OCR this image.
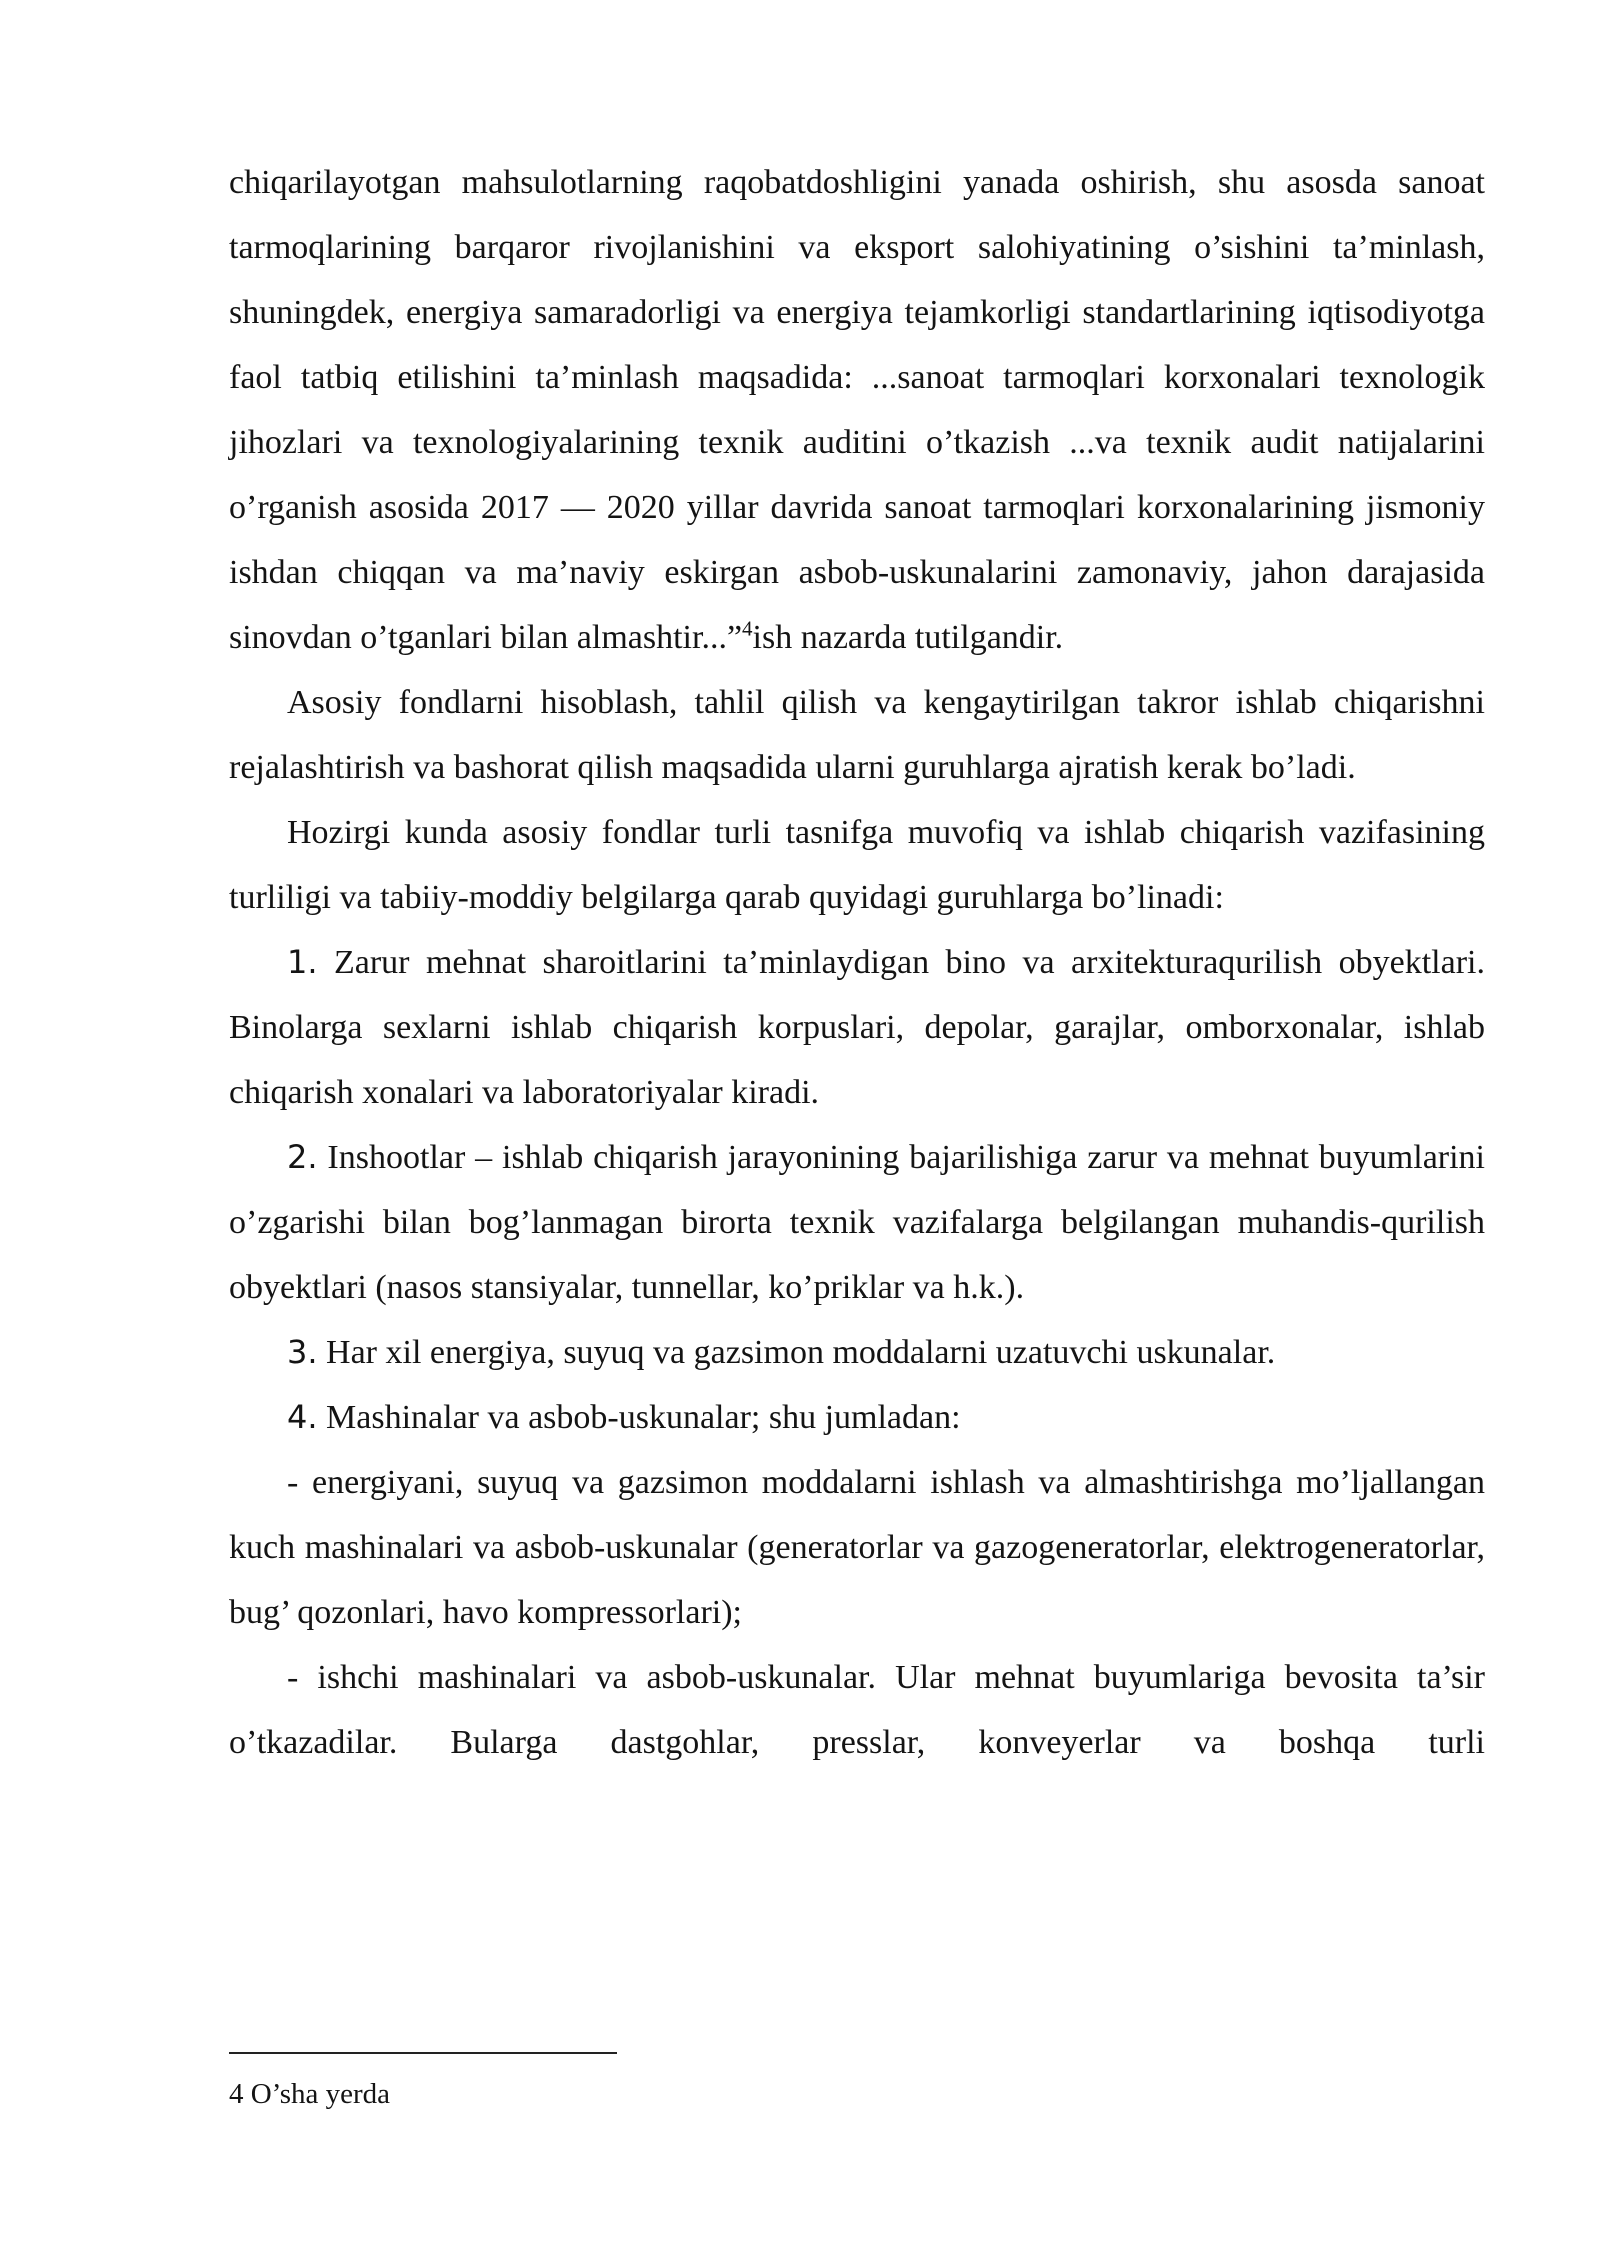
chiqarilayotgan mahsulotlarning raqobatdoshligini yanada oshirish, shu asosda sanoat tarmoqlarining barqaror rivojlanishini va eksport salohiyatining o’sishini ta’minlash, shuningdek, energiya samaradorligi va energiya tejamkorligi standartlarining iqtisodiyotga faol tatbiq etilishini ta’minlash maqsadida: ...sanoat tarmoqlari korxonalari texnologik jihozlari va texnologiyalarining texnik auditini o’tkazish ...va texnik audit natijalarini o’rganish asosida 2017 — 2020 yillar davrida sanoat tarmoqlari korxonalarining jismoniy ishdan chiqqan va ma’naviy eskirgan asbob-uskunalarini zamonaviy, jahon darajasida sinovdan o’tganlari bilan almashtir...”$^4$ish nazarda tutilgandir.

Asosiy fondlarni hisoblash, tahlil qilish va kengaytirilgan takror ishlab chiqarishni rejalashtirish va bashorat qilish maqsadida ularni guruhlarga ajratish kerak bo’ladi.

Hozirgi kunda asosiy fondlar turli tasnifga muvofiq va ishlab chiqarish vazifasining turliligi va tabiiy-moddiy belgilarga qarab quyidagi guruhlarga bo’linadi:

1. Zarur mehnat sharoitlarini ta’minlaydigan bino va arxitekturaqurilish obyektlari. Binolarga sexlarni ishlab chiqarish korpuslari, depolar, garajlar, omborxonalar, ishlab chiqarish xonalari va laboratoriyalar kiradi.

2. Inshootlar – ishlab chiqarish jarayonining bajarilishiga zarur va mehnat buyumlarini o’zgarishi bilan bog’lanmagan birorta texnik vazifalarga belgilangan muhandis-qurilish obyektlari (nasos stansiyalar, tunnellar, ko’priklar va h.k.).

3. Har xil energiya, suyuq va gazsimon moddalarni uzatuvchi uskunalar.

4. Mashinalar va asbob-uskunalar; shu jumladan:

- energiyani, suyuq va gazsimon moddalarni ishlash va almashtirishga mo’ljallangan kuch mashinalari va asbob-uskunalar (generatorlar va gazogeneratorlar, elektrogeneratorlar, bug’ qozonlari, havo kompressorlari);

- ishchi mashinalari va asbob-uskunalar. Ular mehnat buyumlariga bevosita ta’sir o’tkazadilar. Bularga dastgohlar, presslar, konveyerlar va boshqa turli

4 O’sha yerda
